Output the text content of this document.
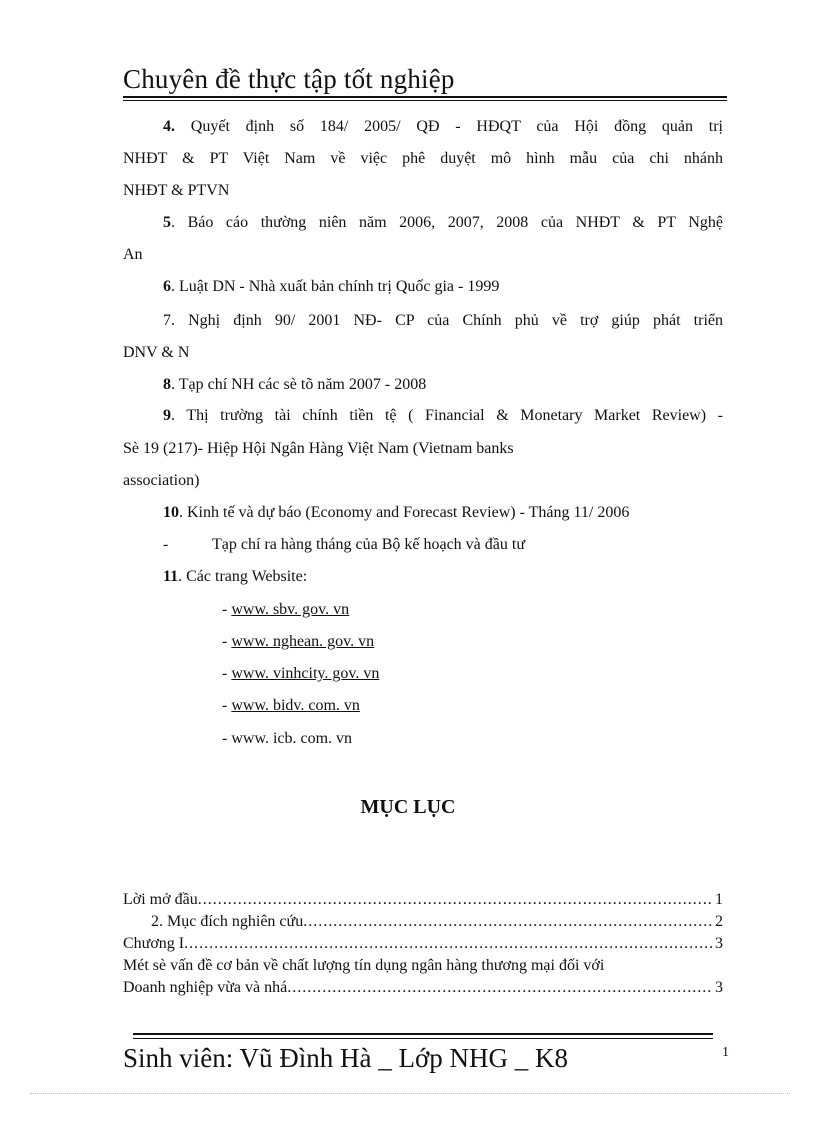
Chuyên đề thực tập tốt nghiệp
4. Quyết định số 184/ 2005/ QĐ - HĐQT của Hội đồng quản trị
NHĐT & PT Việt Nam về việc phê duyệt mô hình mẫu của chi nhánh
NHĐT & PTVN
5. Báo cáo thường niên năm 2006, 2007, 2008 của NHĐT & PT Nghệ
An
6. Luật DN - Nhà xuất bản chính trị Quốc gia - 1999
7. Nghị định 90/ 2001 NĐ- CP của Chính phủ về trợ giúp phát triển
DNV & N
8. Tạp chí NH các sè tõ năm 2007 - 2008
9. Thị trường tài chính tiền tệ ( Financial & Monetary Market Review) -
Sè 19 (217)- Hiệp Hội Ngân Hàng Việt Nam (Vietnam banks
association)
10. Kinh tế và dự báo (Economy and Forecast Review) - Tháng 11/ 2006
-	Tạp chí ra hàng tháng của Bộ kế hoạch và đầu tư
11. Các trang Website:
- www. sbv. gov. vn
- www. nghean. gov. vn
- www. vinhcity. gov. vn
- www. bidv. com. vn
- www. icb. com. vn
MỤC LỤC
Lời mở đầu .....	1
2. Mục đích nghiên cứu .....	2
Chương I .....	3
Mét sè vấn đề cơ bản về chất lượng tín dụng ngân hàng thương mại đối với
Doanh nghiệp vừa và nhá .....	3
Sinh viên: Vũ Đình Hà _ Lớp NHG _ K8	1
